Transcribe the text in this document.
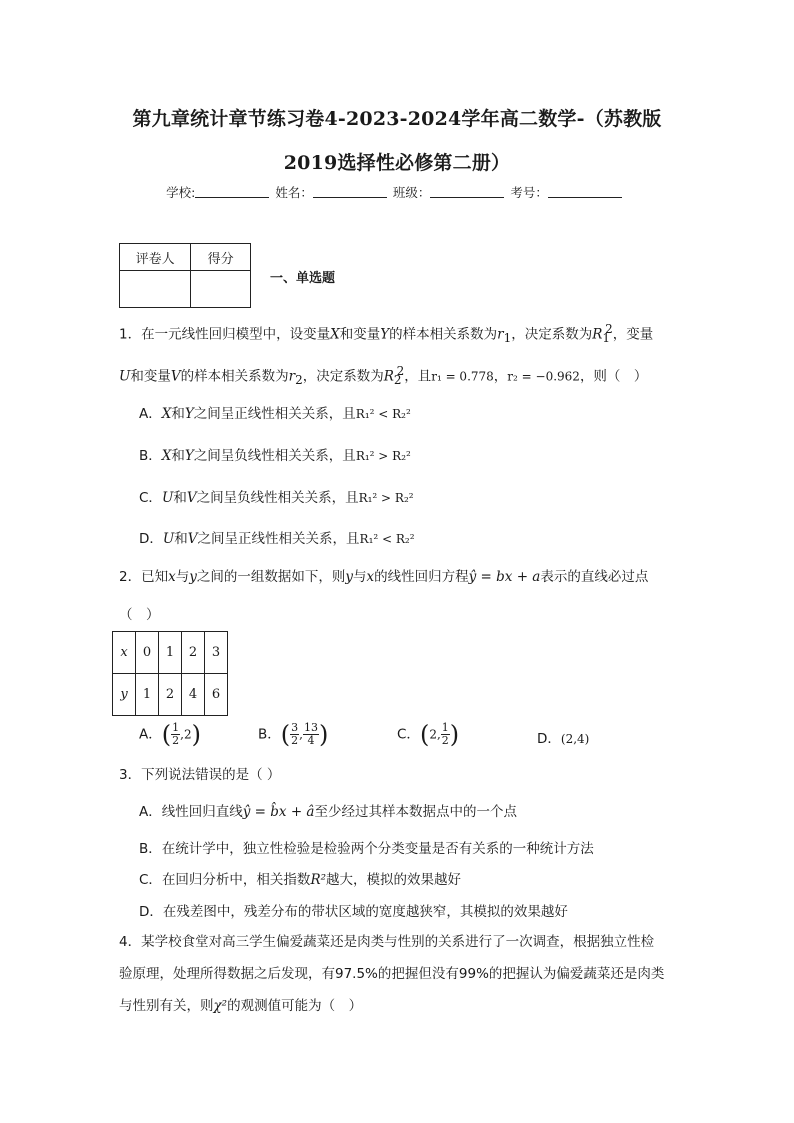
第九章统计章节练习卷4-2023-2024学年高二数学-（苏教版
2019选择性必修第二册）
学校:	姓名：	班级：	考号：
评卷人	得分

一、单选题
1．在一元线性回归模型中，设变量X和变量Y的样本相关系数为$r_1$，决定系数为$R_1^2$，变量
U和变量V的样本相关系数为$r_2$，决定系数为$R_2^2$，且r₁ = 0.778，r₂ = −0.962，则（　）
A．X和Y之间呈正线性相关关系，且R₁² < R₂²
B．X和Y之间呈负线性相关关系，且R₁² > R₂²
C．U和V之间呈负线性相关关系，且R₁² > R₂²
D．U和V之间呈正线性相关关系，且R₁² < R₂²
2．已知x与y之间的一组数据如下，则y与x的线性回归方程ŷ = bx + a表示的直线必过点
（　）
x	0	1	2	3
y	1	2	4	6
A．( $\frac{1}{2} ,2$)	B．( $\frac{3}{2}$ , $\frac{13}{4}$ )	C．(2, $\frac{1}{2}$ )	D．(2,4)
3．下列说法错误的是（ ）
A．线性回归直线ŷ = b̂x + â至少经过其样本数据点中的一个点
B．在统计学中，独立性检验是检验两个分类变量是否有关系的一种统计方法
C．在回归分析中，相关指数R²越大，模拟的效果越好
D．在残差图中，残差分布的带状区域的宽度越狭窄，其模拟的效果越好
4．某学校食堂对高三学生偏爱蔬菜还是肉类与性别的关系进行了一次调查，根据独立性检
验原理，处理所得数据之后发现，有97.5%的把握但没有99%的把握认为偏爱蔬菜还是肉类
与性别有关，则χ²的观测值可能为（　）
